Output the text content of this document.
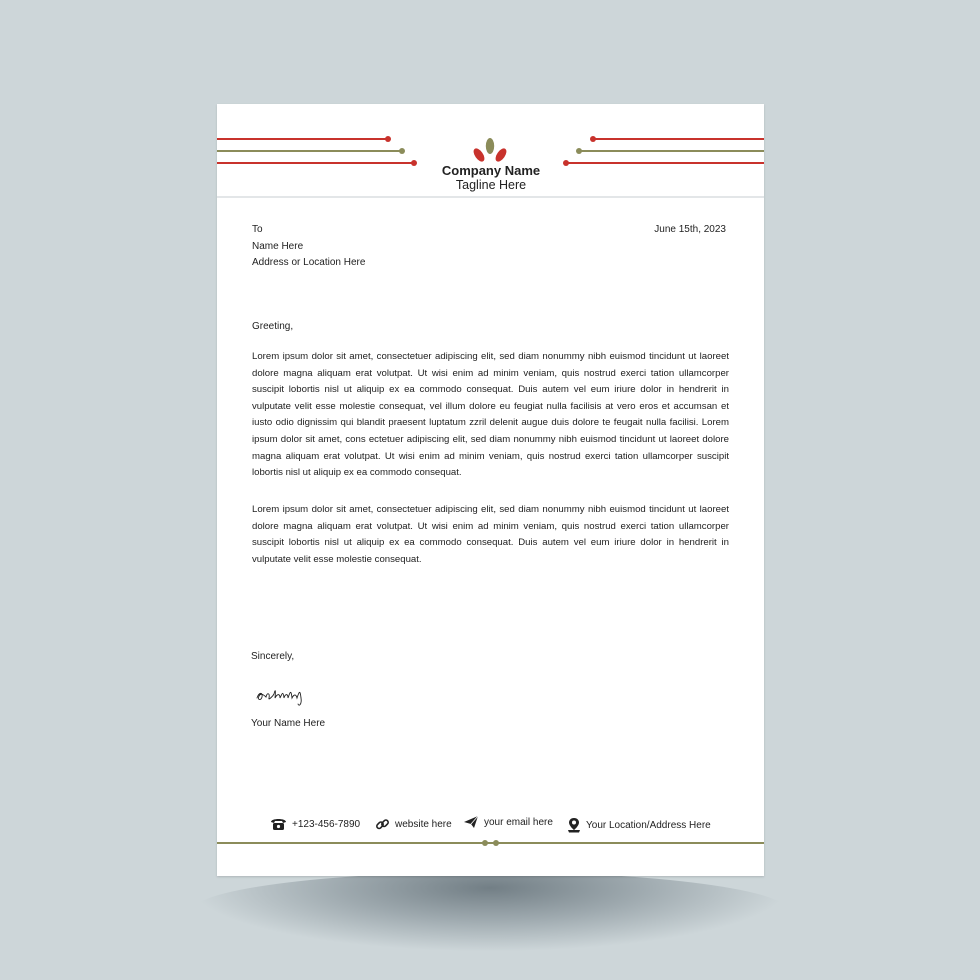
Company Name
Tagline Here
To
Name Here
Address or Location Here
June 15th, 2023
Greeting,
Lorem ipsum dolor sit amet, consectetuer adipiscing elit, sed diam nonummy nibh euismod tincidunt ut laoreet dolore magna aliquam erat volutpat. Ut wisi enim ad minim veniam, quis nostrud exerci tation ullamcorper suscipit lobortis nisl ut aliquip ex ea commodo consequat. Duis autem vel eum iriure dolor in hendrerit in vulputate velit esse molestie consequat, vel illum dolore eu feugiat nulla facilisis at vero eros et accumsan et iusto odio dignissim qui blandit praesent luptatum zzril delenit augue duis dolore te feugait nulla facilisi. Lorem ipsum dolor sit amet, cons ectetuer adipiscing elit, sed diam nonummy nibh euismod tincidunt ut laoreet dolore magna aliquam erat volutpat. Ut wisi enim ad minim veniam, quis nostrud exerci tation ullamcorper suscipit lobortis nisl ut aliquip ex ea commodo consequat.
Lorem ipsum dolor sit amet, consectetuer adipiscing elit, sed diam nonummy nibh euismod tincidunt ut laoreet dolore magna aliquam erat volutpat. Ut wisi enim ad minim veniam, quis nostrud exerci tation ullamcorper suscipit lobortis nisl ut aliquip ex ea commodo consequat. Duis autem vel eum iriure dolor in hendrerit in vulputate velit esse molestie consequat.
Sincerely,
Your Name Here
+123-456-7890	website here	your email here	Your Location/Address Here
